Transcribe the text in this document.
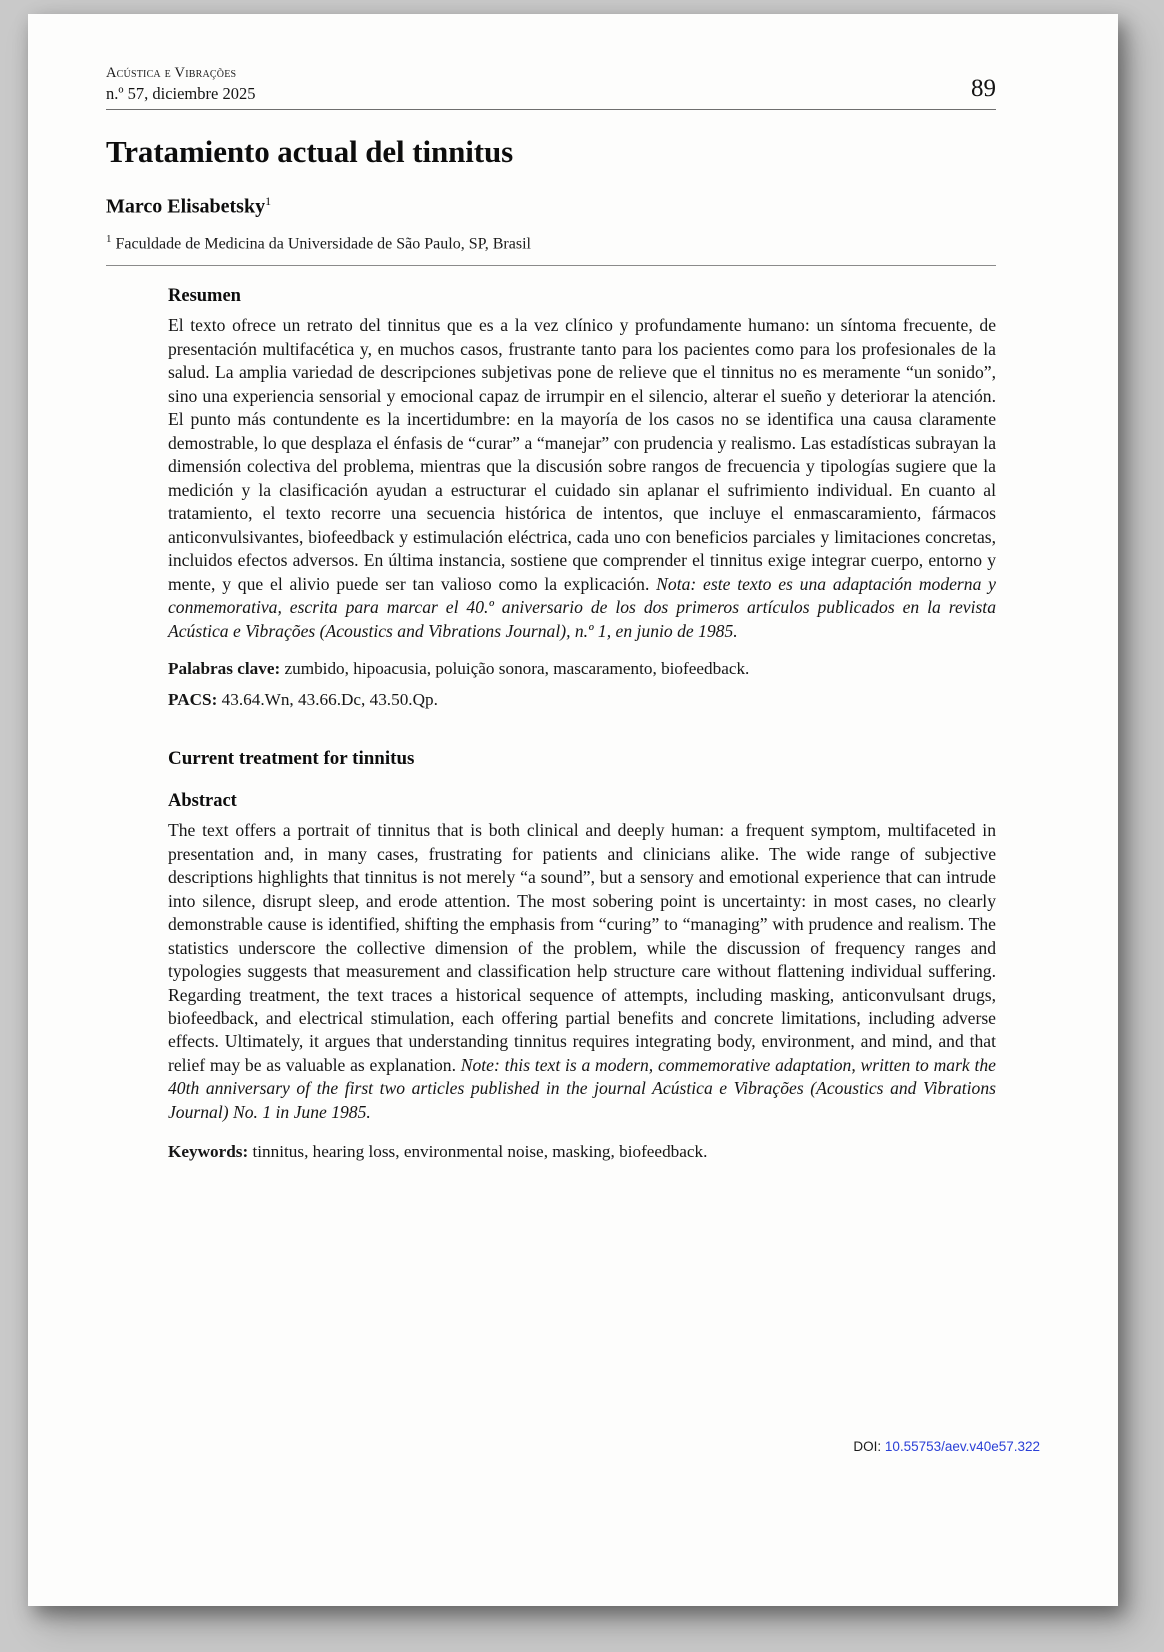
Acústica e Vibrações
n.º 57, diciembre 2025	89
Tratamiento actual del tinnitus
Marco Elisabetsky$^1$
$^1$ Faculdade de Medicina da Universidade de São Paulo, SP, Brasil
Resumen
El texto ofrece un retrato del tinnitus que es a la vez clínico y profundamente humano: un síntoma frecuente, de presentación multifacética y, en muchos casos, frustrante tanto para los pacientes como para los profesionales de la salud. La amplia variedad de descripciones subjetivas pone de relieve que el tinnitus no es meramente “un sonido”, sino una experiencia sensorial y emocional capaz de irrumpir en el silencio, alterar el sueño y deteriorar la atención. El punto más contundente es la incertidumbre: en la mayoría de los casos no se identifica una causa claramente demostrable, lo que desplaza el énfasis de “curar” a “manejar” con prudencia y realismo. Las estadísticas subrayan la dimensión colectiva del problema, mientras que la discusión sobre rangos de frecuencia y tipologías sugiere que la medición y la clasificación ayudan a estructurar el cuidado sin aplanar el sufrimiento individual. En cuanto al tratamiento, el texto recorre una secuencia histórica de intentos, que incluye el enmascaramiento, fármacos anticonvulsivantes, biofeedback y estimulación eléctrica, cada uno con beneficios parciales y limitaciones concretas, incluidos efectos adversos. En última instancia, sostiene que comprender el tinnitus exige integrar cuerpo, entorno y mente, y que el alivio puede ser tan valioso como la explicación. Nota: este texto es una adaptación moderna y conmemorativa, escrita para marcar el 40.º aniversario de los dos primeros artículos publicados en la revista Acústica e Vibrações (Acoustics and Vibrations Journal), n.º 1, en junio de 1985.
Palabras clave: zumbido, hipoacusia, poluição sonora, mascaramento, biofeedback.
PACS: 43.64.Wn, 43.66.Dc, 43.50.Qp.
Current treatment for tinnitus
Abstract
The text offers a portrait of tinnitus that is both clinical and deeply human: a frequent symptom, multifaceted in presentation and, in many cases, frustrating for patients and clinicians alike. The wide range of subjective descriptions highlights that tinnitus is not merely “a sound”, but a sensory and emotional experience that can intrude into silence, disrupt sleep, and erode attention. The most sobering point is uncertainty: in most cases, no clearly demonstrable cause is identified, shifting the emphasis from “curing” to “managing” with prudence and realism. The statistics underscore the collective dimension of the problem, while the discussion of frequency ranges and typologies suggests that measurement and classification help structure care without flattening individual suffering. Regarding treatment, the text traces a historical sequence of attempts, including masking, anticonvulsant drugs, biofeedback, and electrical stimulation, each offering partial benefits and concrete limitations, including adverse effects. Ultimately, it argues that understanding tinnitus requires integrating body, environment, and mind, and that relief may be as valuable as explanation. Note: this text is a modern, commemorative adaptation, written to mark the 40th anniversary of the first two articles published in the journal Acústica e Vibrações (Acoustics and Vibrations Journal) No. 1 in June 1985.
Keywords: tinnitus, hearing loss, environmental noise, masking, biofeedback.
DOI: 10.55753/aev.v40e57.322
